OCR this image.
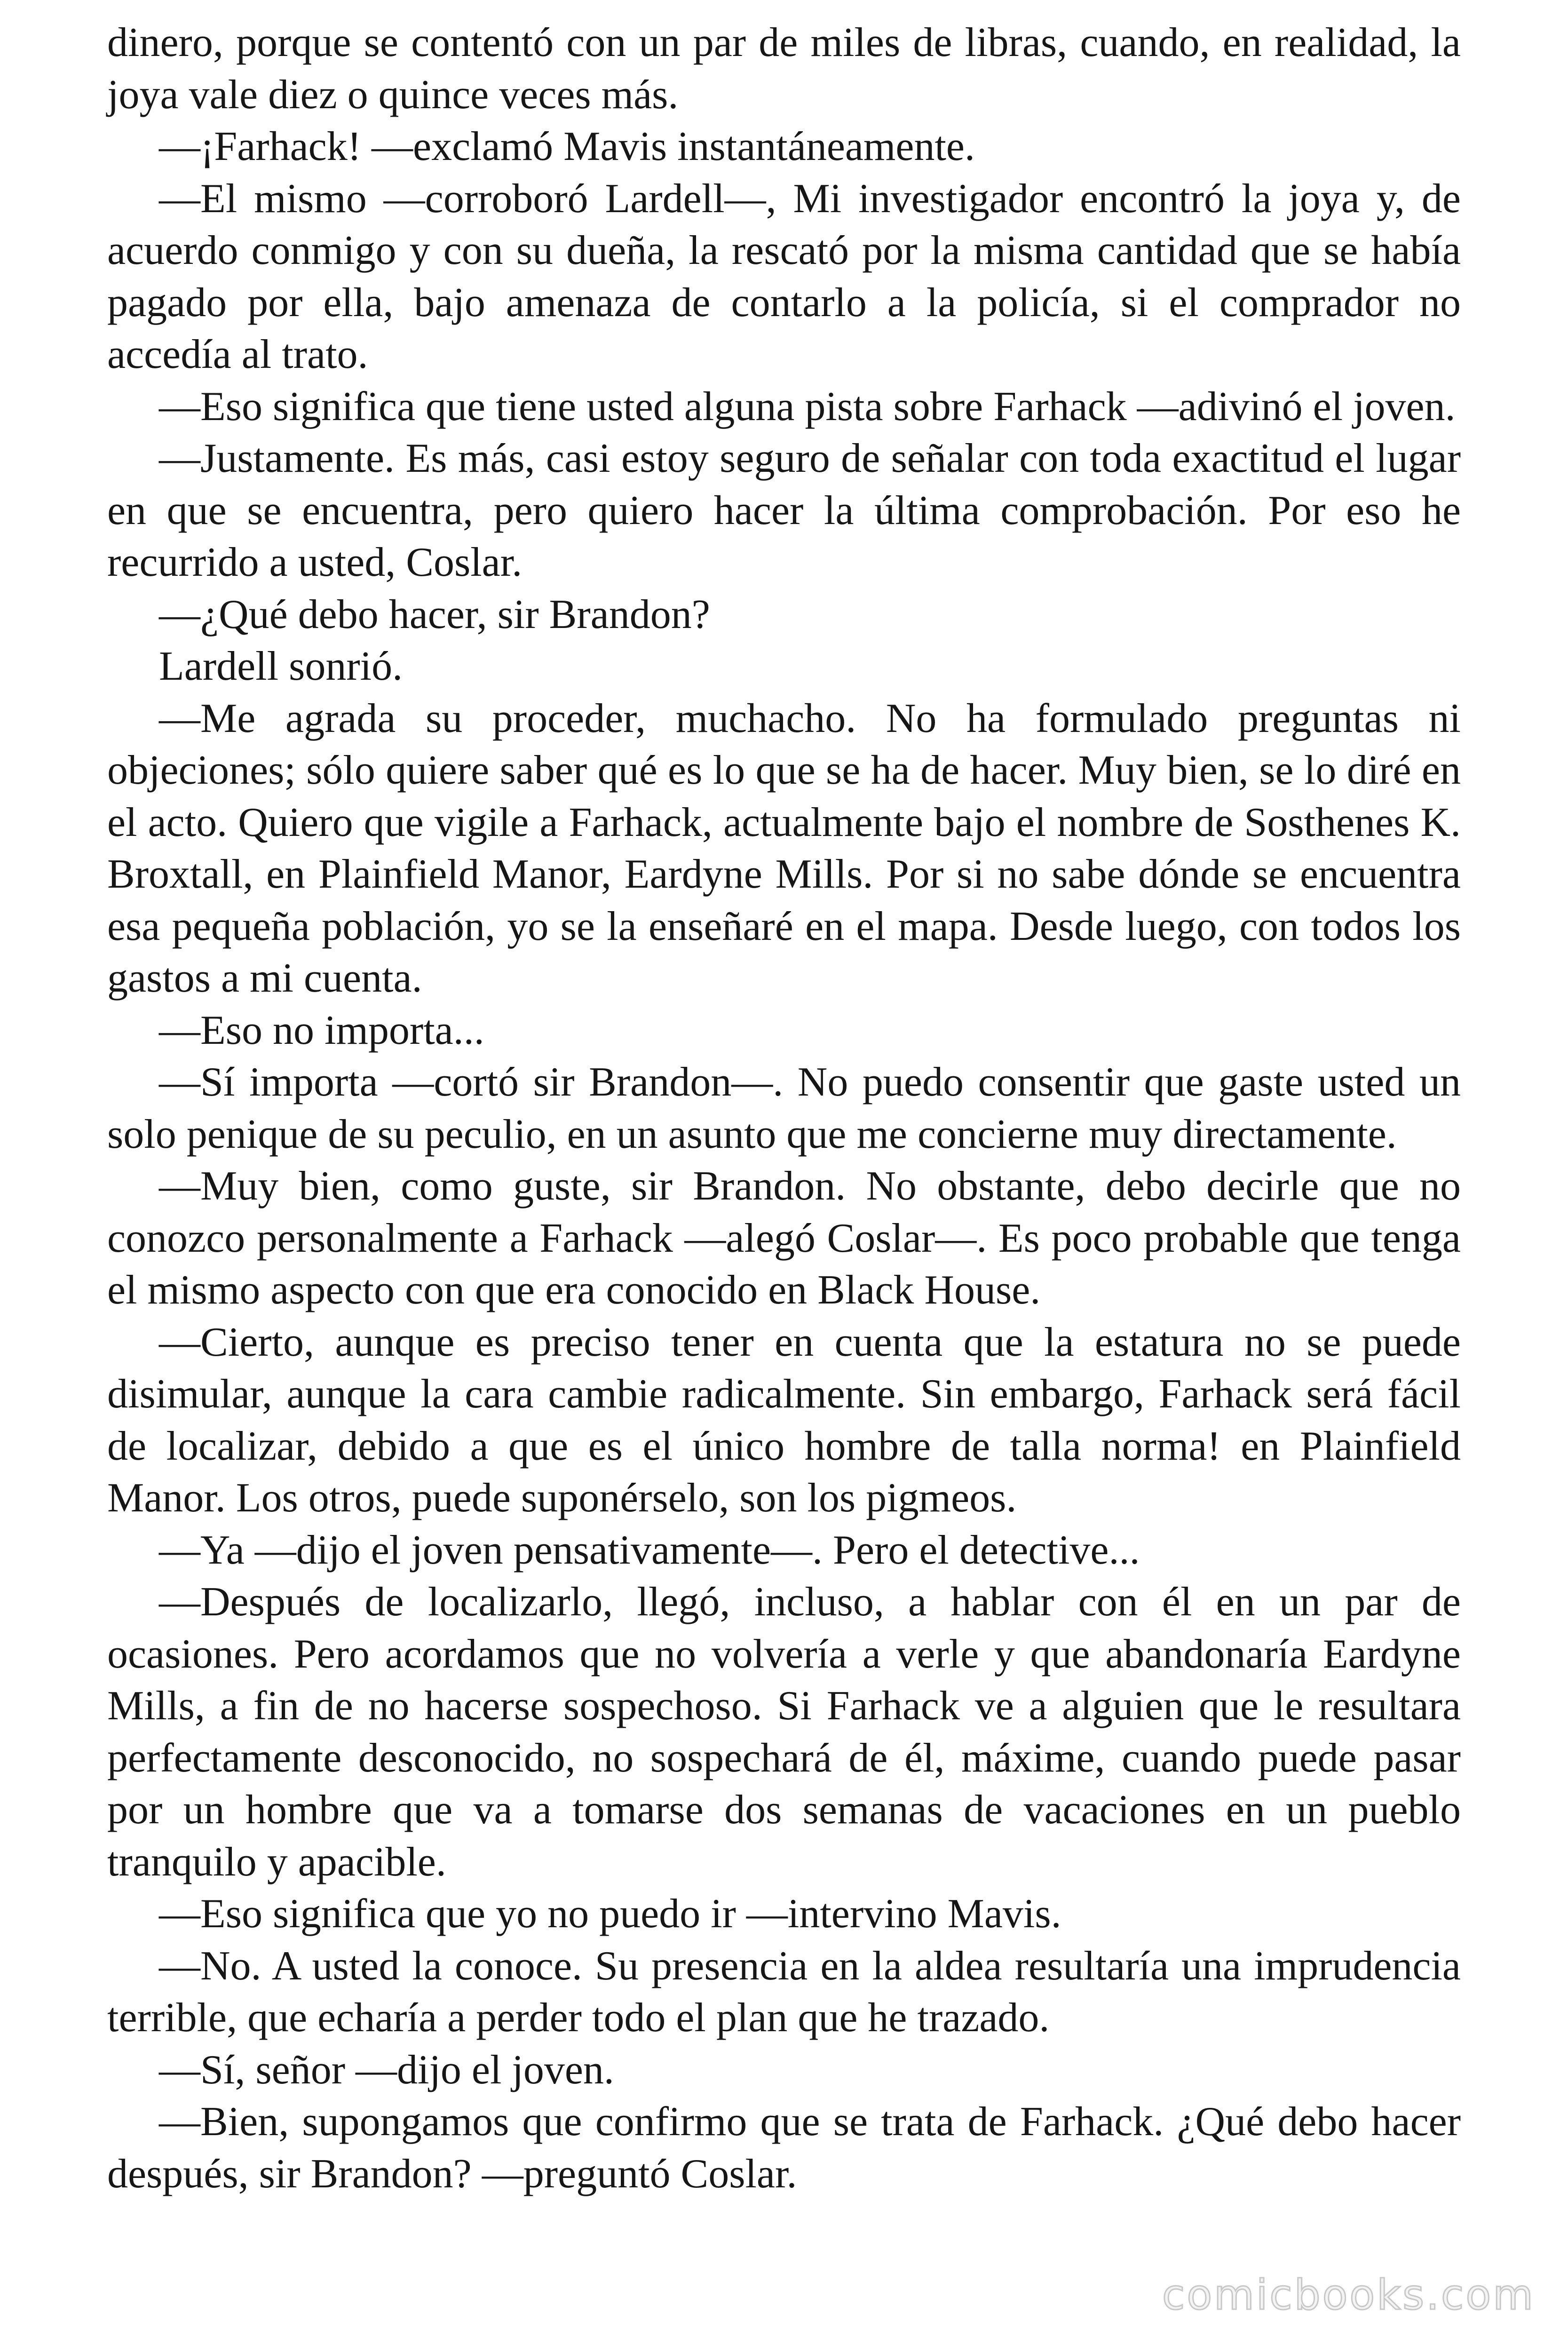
dinero, porque se contentó con un par de miles de libras, cuando, en realidad, la joya vale diez o quince veces más.

—¡Farhack! —exclamó Mavis instantáneamente.

—El mismo —corroboró Lardell—, Mi investigador encontró la joya y, de acuerdo conmigo y con su dueña, la rescató por la misma cantidad que se había pagado por ella, bajo amenaza de contarlo a la policía, si el comprador no accedía al trato.

—Eso significa que tiene usted alguna pista sobre Farhack —adivinó el joven.

—Justamente. Es más, casi estoy seguro de señalar con toda exactitud el lugar en que se encuentra, pero quiero hacer la última comprobación. Por eso he recurrido a usted, Coslar.

—¿Qué debo hacer, sir Brandon?

Lardell sonrió.

—Me agrada su proceder, muchacho. No ha formulado preguntas ni objeciones; sólo quiere saber qué es lo que se ha de hacer. Muy bien, se lo diré en el acto. Quiero que vigile a Farhack, actualmente bajo el nombre de Sosthenes K. Broxtall, en Plainfield Manor, Eardyne Mills. Por si no sabe dónde se encuentra esa pequeña población, yo se la enseñaré en el mapa. Desde luego, con todos los gastos a mi cuenta.

—Eso no importa...

—Sí importa —cortó sir Brandon—. No puedo consentir que gaste usted un solo penique de su peculio, en un asunto que me concierne muy directamente.

—Muy bien, como guste, sir Brandon. No obstante, debo decirle que no conozco personalmente a Farhack —alegó Coslar—. Es poco probable que tenga el mismo aspecto con que era conocido en Black House.

—Cierto, aunque es preciso tener en cuenta que la estatura no se puede disimular, aunque la cara cambie radicalmente. Sin embargo, Farhack será fácil de localizar, debido a que es el único hombre de talla norma! en Plainfield Manor. Los otros, puede suponérselo, son los pigmeos.

—Ya —dijo el joven pensativamente—. Pero el detective...

—Después de localizarlo, llegó, incluso, a hablar con él en un par de ocasiones. Pero acordamos que no volvería a verle y que abandonaría Eardyne Mills, a fin de no hacerse sospechoso. Si Farhack ve a alguien que le resultara perfectamente desconocido, no sospechará de él, máxime, cuando puede pasar por un hombre que va a tomarse dos semanas de vacaciones en un pueblo tranquilo y apacible.

—Eso significa que yo no puedo ir —intervino Mavis.

—No. A usted la conoce. Su presencia en la aldea resultaría una imprudencia terrible, que echaría a perder todo el plan que he trazado.

—Sí, señor —dijo el joven.

—Bien, supongamos que confirmo que se trata de Farhack. ¿Qué debo hacer después, sir Brandon? —preguntó Coslar.

comicbooks.com
